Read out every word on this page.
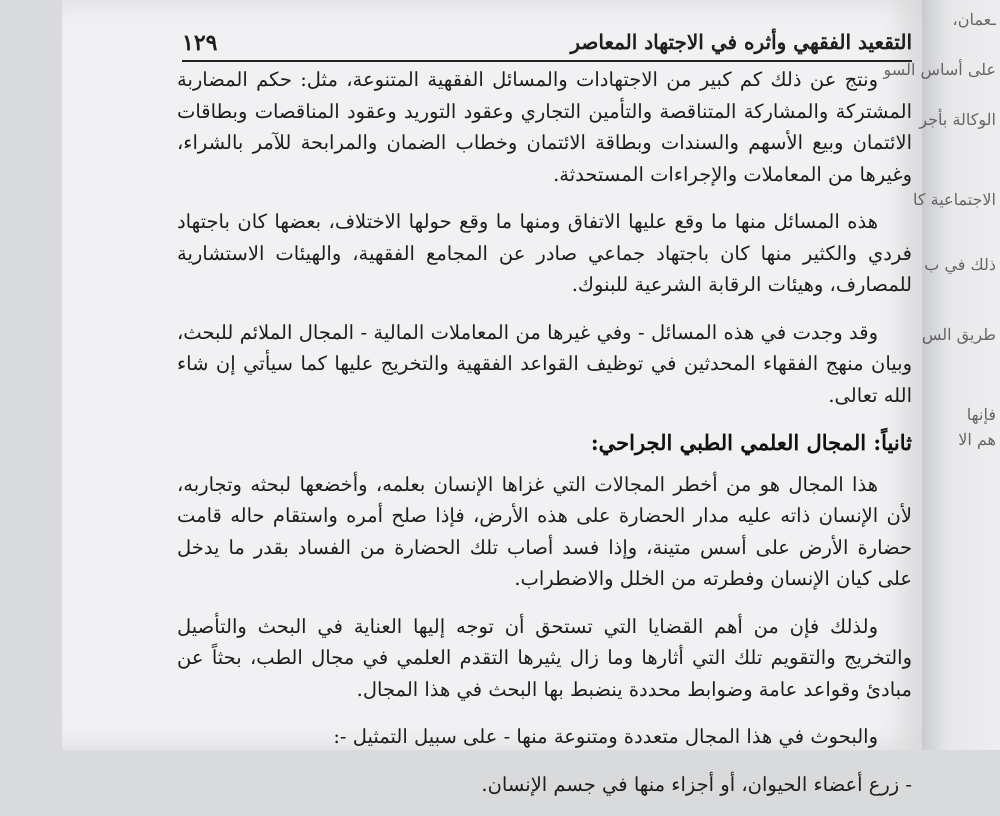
١٢٩	التقعيد الفقهي وأثره في الاجتهاد المعاصر

ونتج عن ذلك كم كبير من الاجتهادات والمسائل الفقهية المتنوعة، مثل: حكم المضاربة المشتركة والمشاركة المتناقصة والتأمين التجاري وعقود التوريد وعقود المناقصات وبطاقات الائتمان وبيع الأسهم والسندات وبطاقة الائتمان وخطاب الضمان والمرابحة للآمر بالشراء، وغيرها من المعاملات والإجراءات المستحدثة.

هذه المسائل منها ما وقع عليها الاتفاق ومنها ما وقع حولها الاختلاف، بعضها كان باجتهاد فردي والكثير منها كان باجتهاد جماعي صادر عن المجامع الفقهية، والهيئات الاستشارية للمصارف، وهيئات الرقابة الشرعية للبنوك.

وقد وجدت في هذه المسائل - وفي غيرها من المعاملات المالية - المجال الملائم للبحث، وبيان منهج الفقهاء المحدثين في توظيف القواعد الفقهية والتخريج عليها كما سيأتي إن شاء الله تعالى.

ثانياً: المجال العلمي الطبي الجراحي:

هذا المجال هو من أخطر المجالات التي غزاها الإنسان بعلمه، وأخضعها لبحثه وتجاربه، لأن الإنسان ذاته عليه مدار الحضارة على هذه الأرض، فإذا صلح أمره واستقام حاله قامت حضارة الأرض على أسس متينة، وإذا فسد أصاب تلك الحضارة من الفساد بقدر ما يدخل على كيان الإنسان وفطرته من الخلل والاضطراب.

ولذلك فإن من أهم القضايا التي تستحق أن توجه إليها العناية في البحث والتأصيل والتخريج والتقويم تلك التي أثارها وما زال يثيرها التقدم العلمي في مجال الطب، بحثاً عن مبادئ وقواعد عامة وضوابط محددة ينضبط بها البحث في هذا المجال.

والبحوث في هذا المجال متعددة ومتنوعة منها - على سبيل التمثيل -:

- زرع أعضاء الحيوان، أو أجزاء منها في جسم الإنسان.

ـعمان،
على أساس السو
الوكالة بأجر
الاجتماعية كا
ذلك في ب
طريق الس
فإنها
هم الا
